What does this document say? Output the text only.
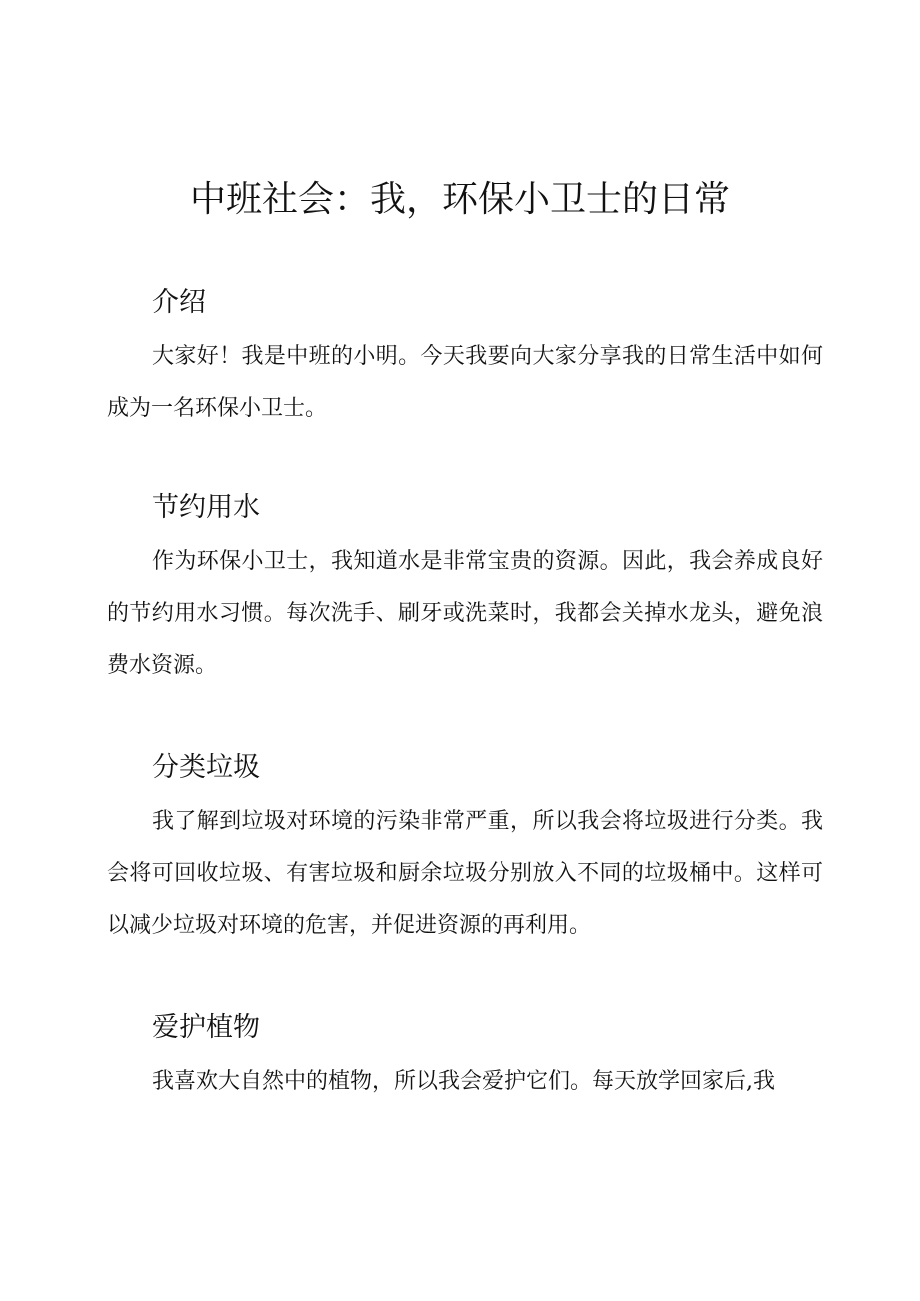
中班社会：我，环保小卫士的日常
介绍

大家好！我是中班的小明。今天我要向大家分享我的日常生活中如何成为一名环保小卫士。

节约用水

作为环保小卫士，我知道水是非常宝贵的资源。因此，我会养成良好的节约用水习惯。每次洗手、刷牙或洗菜时，我都会关掉水龙头，避免浪费水资源。

分类垃圾

我了解到垃圾对环境的污染非常严重，所以我会将垃圾进行分类。我会将可回收垃圾、有害垃圾和厨余垃圾分别放入不同的垃圾桶中。这样可以减少垃圾对环境的危害，并促进资源的再利用。

爱护植物

我喜欢大自然中的植物，所以我会爱护它们。每天放学回家后,我
